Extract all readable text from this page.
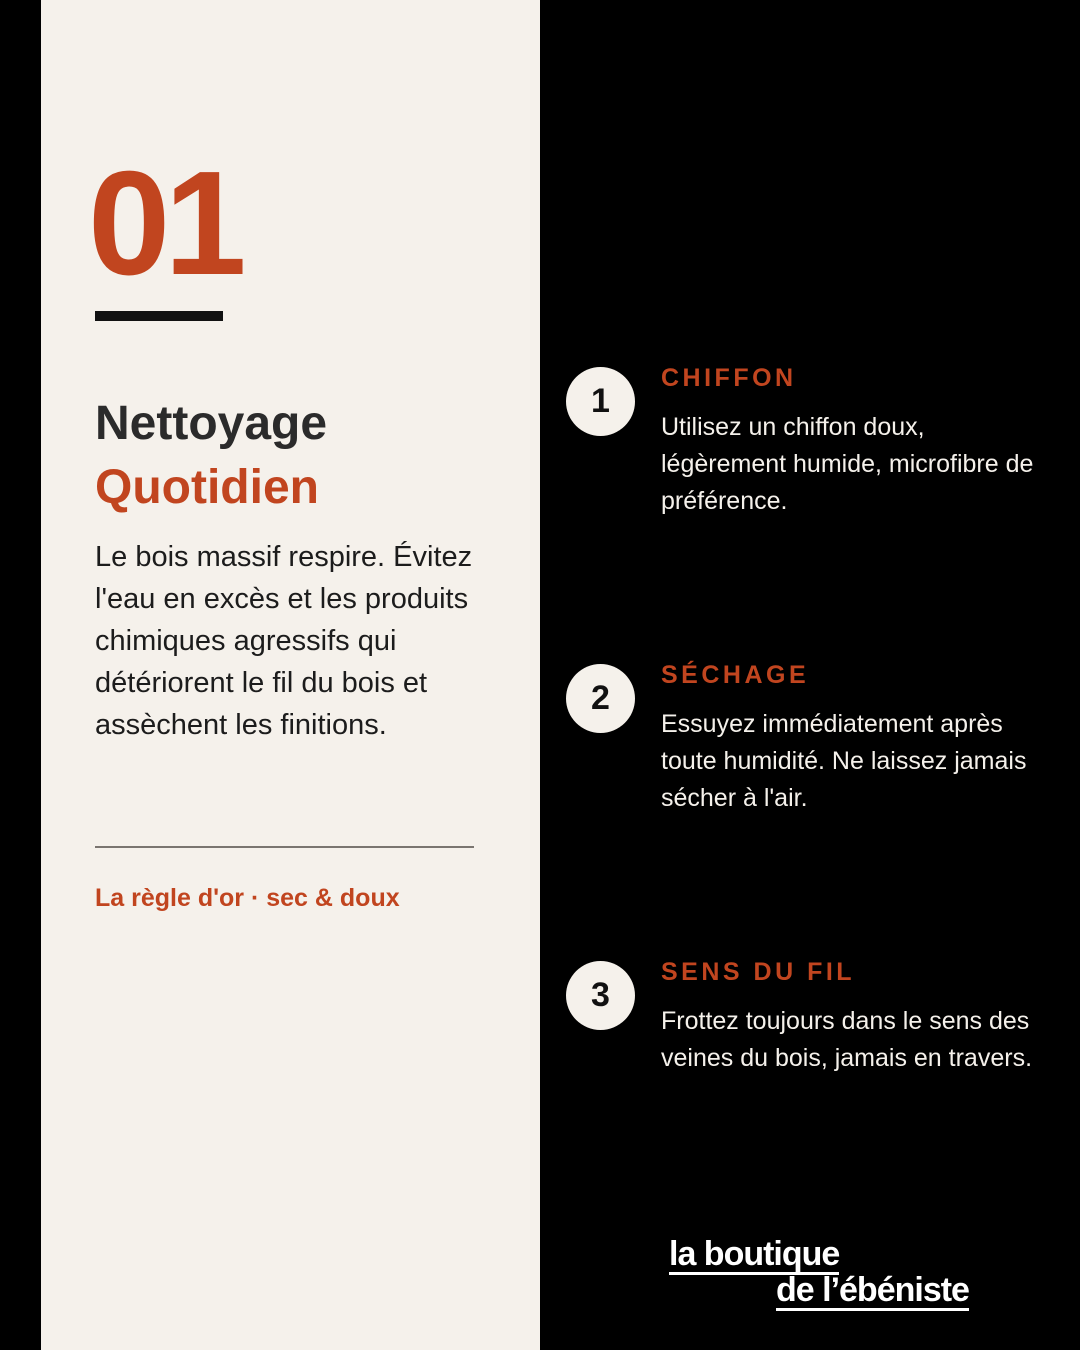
01
Nettoyage
Quotidien

Le bois massif respire. Évitez l'eau en excès et les produits chimiques agressifs qui détériorent le fil du bois et assèchent les finitions.

La règle d'or · sec & doux

1
CHIFFON

Utilisez un chiffon doux, légèrement humide, microfibre de préférence.

2
SÉCHAGE

Essuyez immédiatement après toute humidité. Ne laissez jamais sécher à l'air.

3
SENS DU FIL

Frottez toujours dans le sens des veines du bois, jamais en travers.

la boutique
de l’ébéniste
